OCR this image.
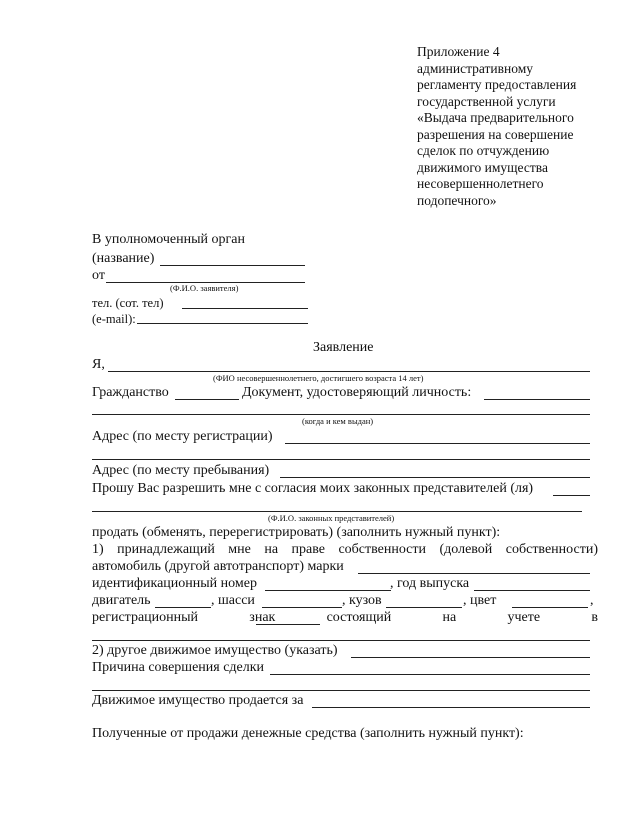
Приложение 4
административному
регламенту предоставления
государственной услуги
«Выдача предварительного
разрешения на совершение
сделок по отчуждению
движимого имущества
несовершеннолетнего
подопечного»
В уполномоченный орган
(название)
от
(Ф.И.О. заявителя)
тел. (сот. тел)
(e-mail):
Заявление
Я,
(ФИО несовершеннолетнего, достигшего возраста 14 лет)
Гражданство	Документ, удостоверяющий личность:
(когда и кем выдан)
Адрес (по месту регистрации)
Адрес (по месту пребывания)
Прошу Вас разрешить мне с согласия моих законных представителей (ля)
(Ф.И.О. законных представителей)
продать (обменять, перерегистрировать) (заполнить нужный пункт):
1) принадлежащий мне на праве собственности (долевой собственности)
автомобиль (другой автотранспорт) марки
идентификационный номер	, год выпуска
двигатель	, шасси	, кузов	, цвет	,
регистрационный	знак	состоящий	на	учете	в
2) другое движимое имущество (указать)
Причина совершения сделки
Движимое имущество продается за
Полученные от продажи денежные средства (заполнить нужный пункт):
